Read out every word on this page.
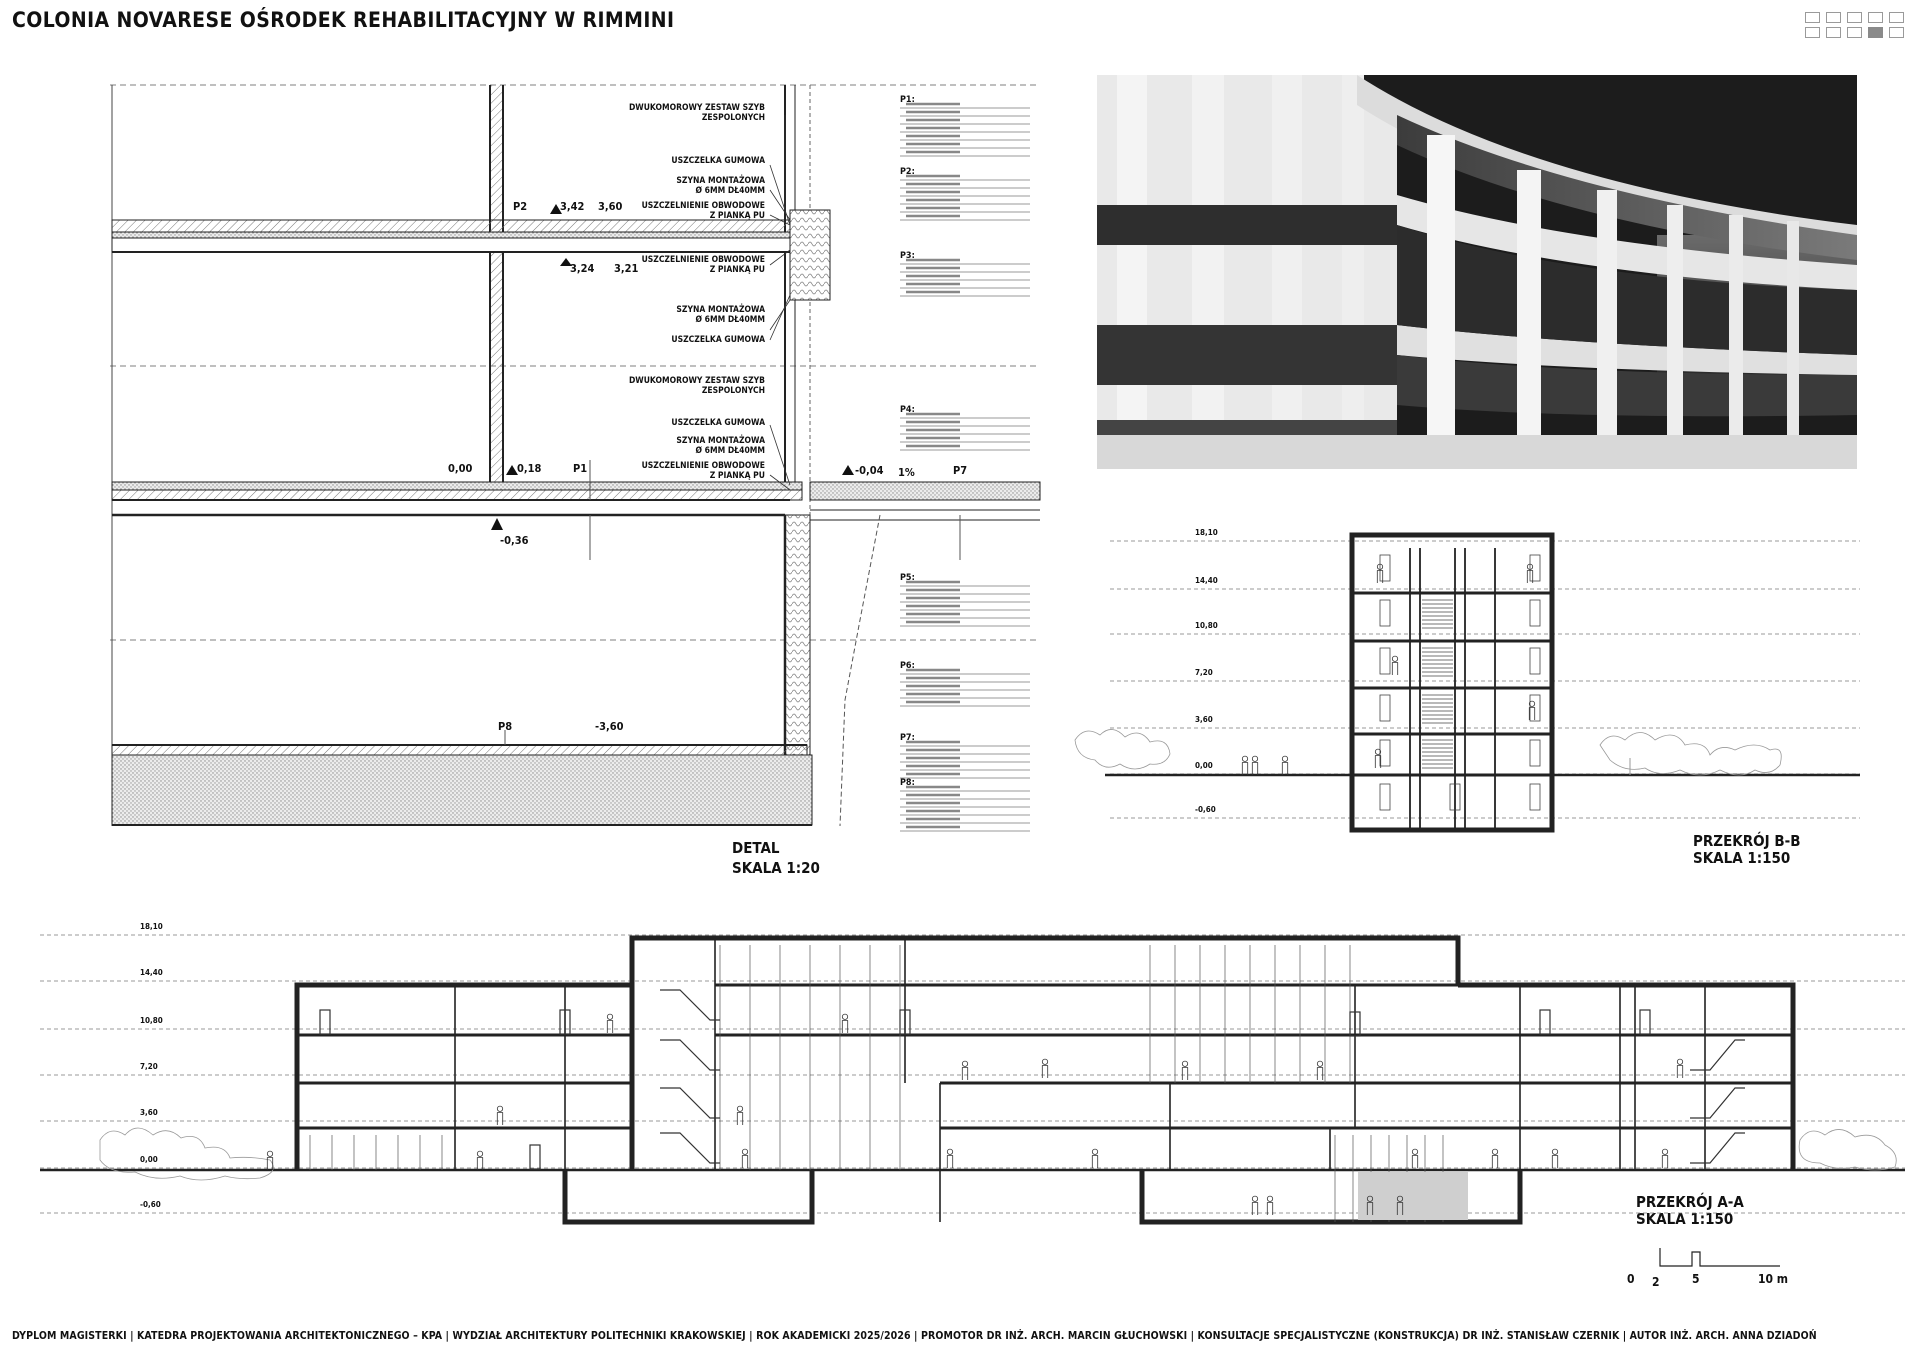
COLONIA NOVARESE OŚRODEK REHABILITACYJNY W RIMMINI
DETAL
SKALA 1:20
PRZEKRÓJ B-B
SKALA 1:150
PRZEKRÓJ A-A
SKALA 1:150
0 2	5	10 m
DYPLOM MAGISTERKI | KATEDRA PROJEKTOWANIA ARCHITEKTONICZNEGO – KPA | WYDZIAŁ ARCHITEKTURY POLITECHNIKI KRAKOWSKIEJ | ROK AKADEMICKI 2025/2026 | PROMOTOR DR INŻ. ARCH. MARCIN GŁUCHOWSKI | KONSULTACJE SPECJALISTYCZNE (KONSTRUKCJA) DR INŻ. STANISŁAW CZERNIK | AUTOR INŻ. ARCH. ANNA DZIADOŃ
DWUKOMOROWY ZESTAW SZYB
ZESPOLONYCH
USZCZELKA GUMOWA
SZYNA MONTAŻOWA
Ø 6MM DŁ40MM
USZCZELNIENIE OBWODOWE
Z PIANKĄ PU
USZCZELNIENIE OBWODOWE
Z PIANKĄ PU
SZYNA MONTAŻOWA
Ø 6MM DŁ40MM
USZCZELKA GUMOWA
DWUKOMOROWY ZESTAW SZYB
ZESPOLONYCH
USZCZELKA GUMOWA
SZYNA MONTAŻOWA
Ø 6MM DŁ40MM
USZCZELNIENIE OBWODOWE
Z PIANKĄ PU
P2	3,42 3,60
3,24 3,21
0,00	0,18	P1	-0,04 1%	P7
-0,36
P8	-3,60
P1:
P2:
P3:
P4:
P5:
P6:
P7:
P8:
18,10
14,40
10,80
7,20
3,60
0,00
-0,60
18,10
14,40
10,80
7,20
3,60
0,00
-0,60
